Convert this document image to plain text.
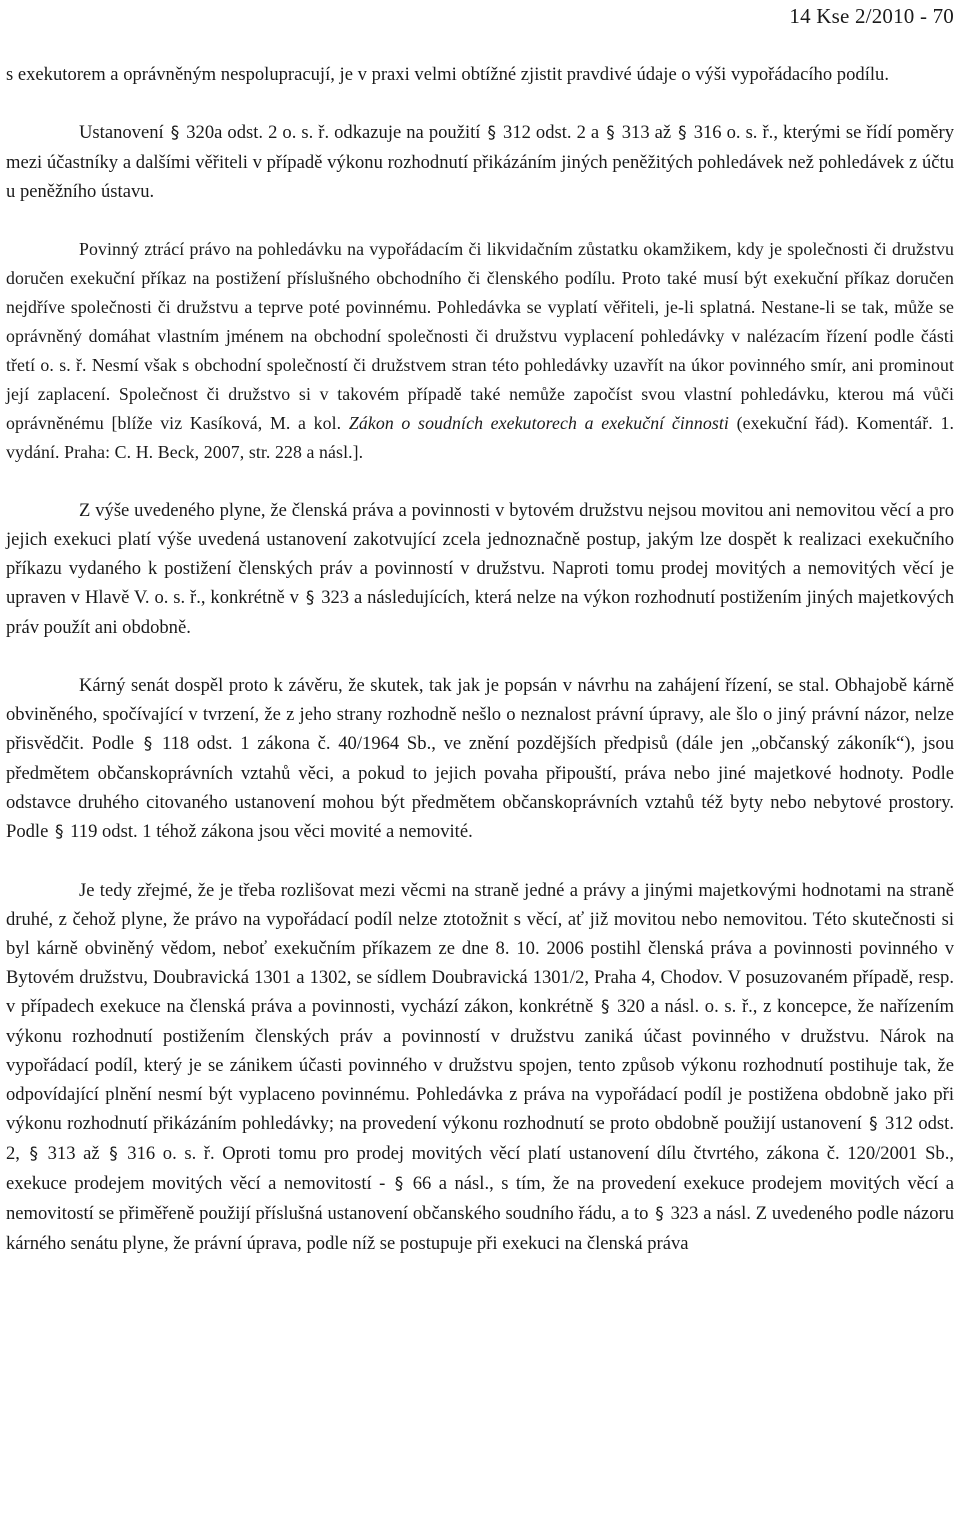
14 Kse 2/2010 - 70

s exekutorem a oprávněným nespolupracují, je v praxi velmi obtížné zjistit pravdivé údaje o výši vypořádacího podílu.

Ustanovení § 320a odst. 2 o. s. ř. odkazuje na použití § 312 odst. 2 a § 313 až § 316 o. s. ř., kterými se řídí poměry mezi účastníky a dalšími věřiteli v případě výkonu rozhodnutí přikázáním jiných peněžitých pohledávek než pohledávek z účtu u peněžního ústavu.

Povinný ztrácí právo na pohledávku na vypořádacím či likvidačním zůstatku okamžikem, kdy je společnosti či družstvu doručen exekuční příkaz na postižení příslušného obchodního či členského podílu. Proto také musí být exekuční příkaz doručen nejdříve společnosti či družstvu a teprve poté povinnému. Pohledávka se vyplatí věřiteli, je-li splatná. Nestane-li se tak, může se oprávněný domáhat vlastním jménem na obchodní společnosti či družstvu vyplacení pohledávky v nalézacím řízení podle části třetí o. s. ř. Nesmí však s obchodní společností či družstvem stran této pohledávky uzavřít na úkor povinného smír, ani prominout její zaplacení. Společnost či družstvo si v takovém případě také nemůže započíst svou vlastní pohledávku, kterou má vůči oprávněnému [blíže viz Kasíková, M. a kol. Zákon o soudních exekutorech a exekuční činnosti (exekuční řád). Komentář. 1. vydání. Praha: C. H. Beck, 2007, str. 228 a násl.].

Z výše uvedeného plyne, že členská práva a povinnosti v bytovém družstvu nejsou movitou ani nemovitou věcí a pro jejich exekuci platí výše uvedená ustanovení zakotvující zcela jednoznačně postup, jakým lze dospět k realizaci exekučního příkazu vydaného k postižení členských práv a povinností v družstvu. Naproti tomu prodej movitých a nemovitých věcí je upraven v Hlavě V. o. s. ř., konkrétně v § 323 a následujících, která nelze na výkon rozhodnutí postižením jiných majetkových práv použít ani obdobně.

Kárný senát dospěl proto k závěru, že skutek, tak jak je popsán v návrhu na zahájení řízení, se stal. Obhajobě kárně obviněného, spočívající v tvrzení, že z jeho strany rozhodně nešlo o neznalost právní úpravy, ale šlo o jiný právní názor, nelze přisvědčit. Podle § 118 odst. 1 zákona č. 40/1964 Sb., ve znění pozdějších předpisů (dále jen „občanský zákoník“), jsou předmětem občanskoprávních vztahů věci, a pokud to jejich povaha připouští, práva nebo jiné majetkové hodnoty. Podle odstavce druhého citovaného ustanovení mohou být předmětem občanskoprávních vztahů též byty nebo nebytové prostory. Podle § 119 odst. 1 téhož zákona jsou věci movité a nemovité.

Je tedy zřejmé, že je třeba rozlišovat mezi věcmi na straně jedné a právy a jinými majetkovými hodnotami na straně druhé, z čehož plyne, že právo na vypořádací podíl nelze ztotožnit s věcí, ať již movitou nebo nemovitou. Této skutečnosti si byl kárně obviněný vědom, neboť exekučním příkazem ze dne 8. 10. 2006 postihl členská práva a povinnosti povinného v Bytovém družstvu, Doubravická 1301 a 1302, se sídlem Doubravická 1301/2, Praha 4, Chodov. V posuzovaném případě, resp. v případech exekuce na členská práva a povinnosti, vychází zákon, konkrétně § 320 a násl. o. s. ř., z koncepce, že nařízením výkonu rozhodnutí postižením členských práv a povinností v družstvu zaniká účast povinného v družstvu. Nárok na vypořádací podíl, který je se zánikem účasti povinného v družstvu spojen, tento způsob výkonu rozhodnutí postihuje tak, že odpovídající plnění nesmí být vyplaceno povinnému. Pohledávka z práva na vypořádací podíl je postižena obdobně jako při výkonu rozhodnutí přikázáním pohledávky; na provedení výkonu rozhodnutí se proto obdobně použijí ustanovení § 312 odst. 2, § 313 až § 316 o. s. ř. Oproti tomu pro prodej movitých věcí platí ustanovení dílu čtvrtého, zákona č. 120/2001 Sb., exekuce prodejem movitých věcí a nemovitostí - § 66 a násl., s tím, že na provedení exekuce prodejem movitých věcí a nemovitostí se přiměřeně použijí příslušná ustanovení občanského soudního řádu, a to § 323 a násl. Z uvedeného podle názoru kárného senátu plyne, že právní úprava, podle níž se postupuje při exekuci na členská práva
